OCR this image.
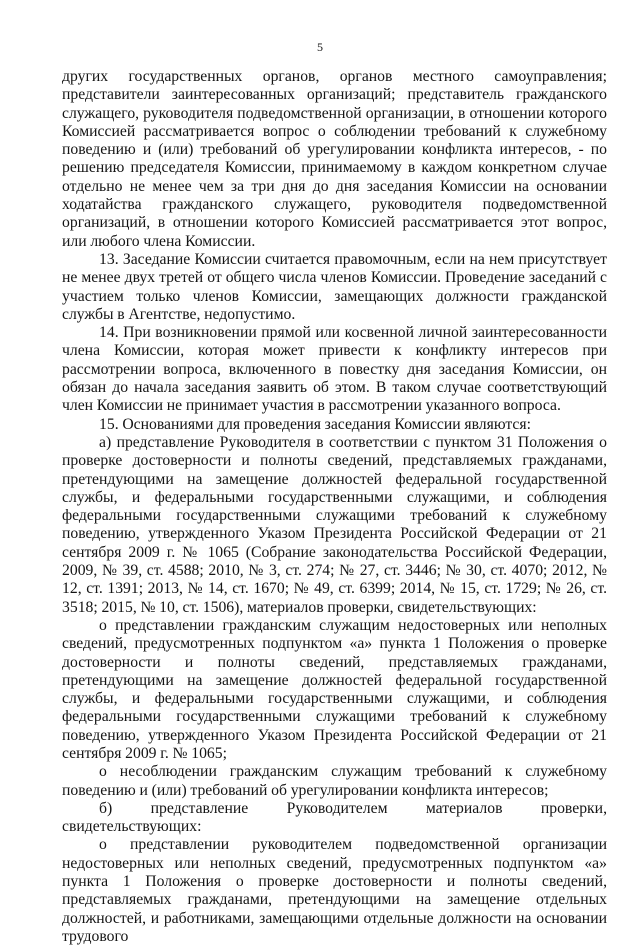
5

других государственных органов, органов местного самоуправления; представители заинтересованных организаций; представитель гражданского служащего, руководителя подведомственной организации, в отношении которого Комиссией рассматривается вопрос о соблюдении требований к служебному поведению и (или) требований об урегулировании конфликта интересов, - по решению председателя Комиссии, принимаемому в каждом конкретном случае отдельно не менее чем за три дня до дня заседания Комиссии на основании ходатайства гражданского служащего, руководителя подведомственной организаций, в отношении которого Комиссией рассматривается этот вопрос, или любого члена Комиссии.

13. Заседание Комиссии считается правомочным, если на нем присутствует не менее двух третей от общего числа членов Комиссии. Проведение заседаний с участием только членов Комиссии, замещающих должности гражданской службы в Агентстве, недопустимо.

14. При возникновении прямой или косвенной личной заинтересованности члена Комиссии, которая может привести к конфликту интересов при рассмотрении вопроса, включенного в повестку дня заседания Комиссии, он обязан до начала заседания заявить об этом. В таком случае соответствующий член Комиссии не принимает участия в рассмотрении указанного вопроса.

15. Основаниями для проведения заседания Комиссии являются:

а) представление Руководителя в соответствии с пунктом 31 Положения о проверке достоверности и полноты сведений, представляемых гражданами, претендующими на замещение должностей федеральной государственной службы, и федеральными государственными служащими, и соблюдения федеральными государственными служащими требований к служебному поведению, утвержденного Указом Президента Российской Федерации от 21 сентября 2009 г. № 1065 (Собрание законодательства Российской Федерации, 2009, № 39, ст. 4588; 2010, № 3, ст. 274; № 27, ст. 3446; № 30, ст. 4070; 2012, № 12, ст. 1391; 2013, № 14, ст. 1670; № 49, ст. 6399; 2014, № 15, ст. 1729; № 26, ст. 3518; 2015, № 10, ст. 1506), материалов проверки, свидетельствующих:

о представлении гражданским служащим недостоверных или неполных сведений, предусмотренных подпунктом «а» пункта 1 Положения о проверке достоверности и полноты сведений, представляемых гражданами, претендующими на замещение должностей федеральной государственной службы, и федеральными государственными служащими, и соблюдения федеральными государственными служащими требований к служебному поведению, утвержденного Указом Президента Российской Федерации от 21 сентября 2009 г. № 1065;

о несоблюдении гражданским служащим требований к служебному поведению и (или) требований об урегулировании конфликта интересов;

б) представление Руководителем материалов проверки, свидетельствующих:

о представлении руководителем подведомственной организации недостоверных или неполных сведений, предусмотренных подпунктом «а» пункта 1 Положения о проверке достоверности и полноты сведений, представляемых гражданами, претендующими на замещение отдельных должностей, и работниками, замещающими отдельные должности на основании трудового
